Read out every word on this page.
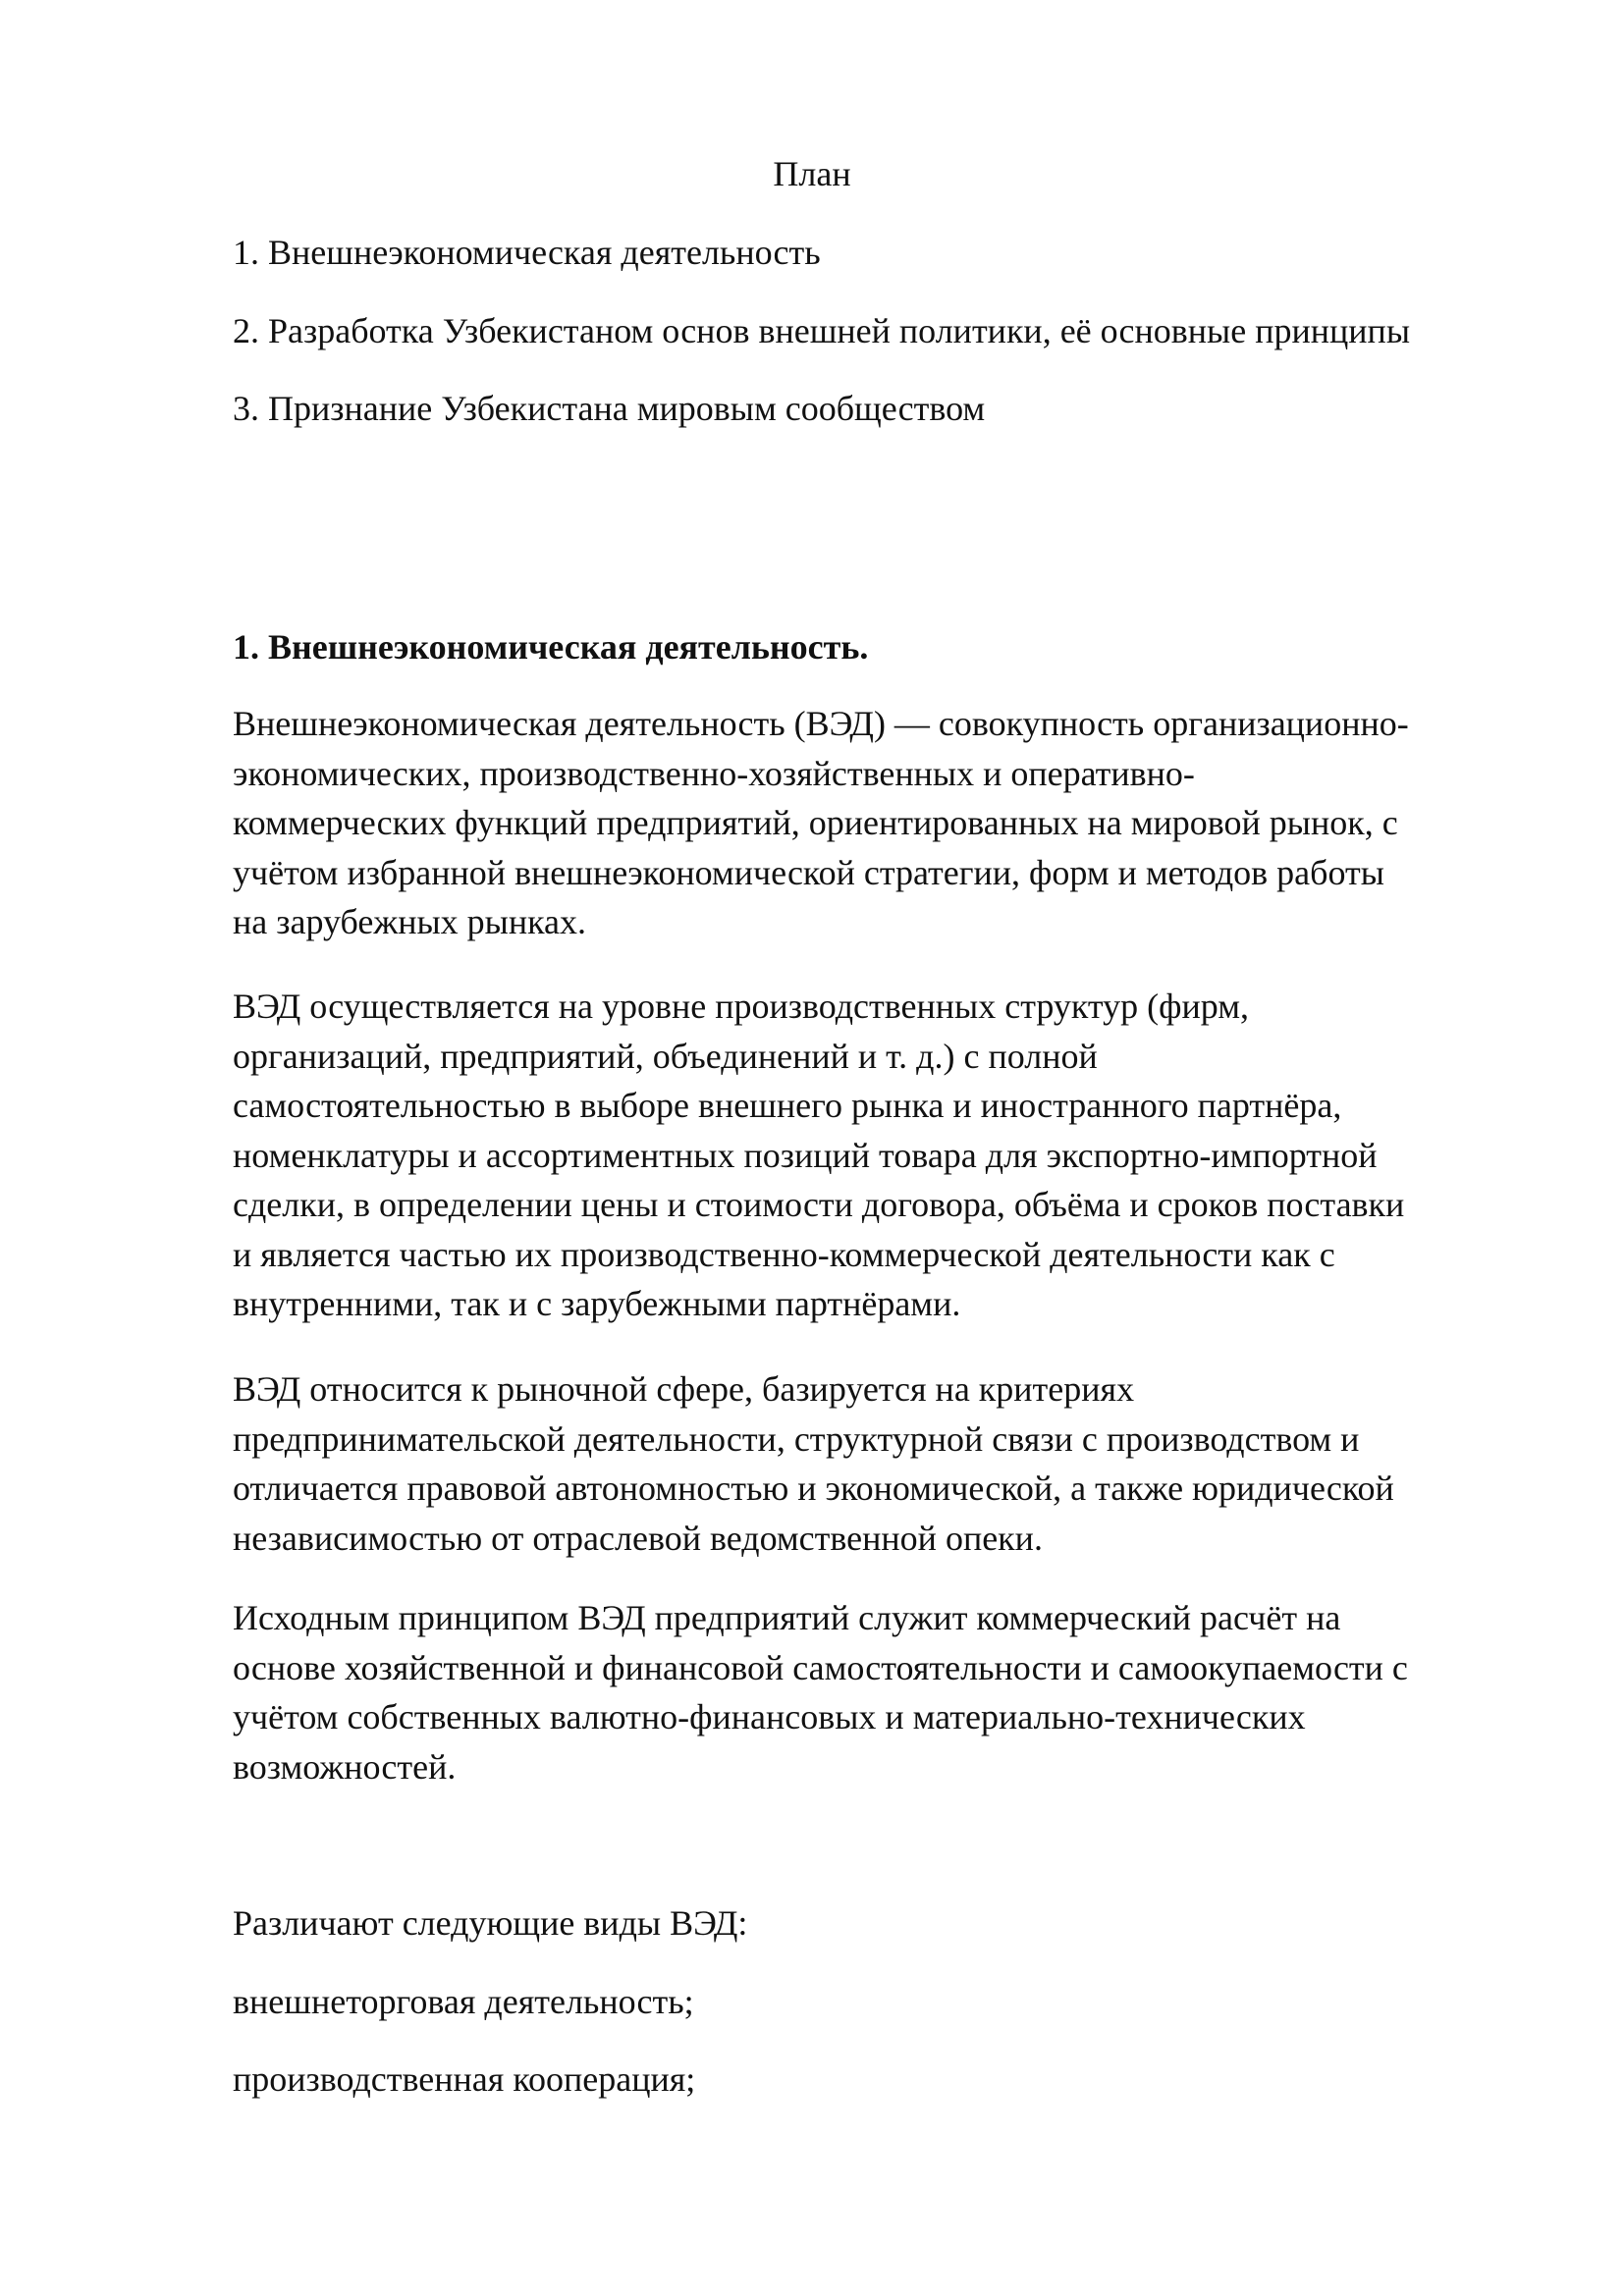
План
1. Внешнеэкономическая деятельность
2. Разработка Узбекистаном основ внешней политики, её основные принципы
3. Признание Узбекистана мировым сообществом
1. Внешнеэкономическая деятельность.
Внешнеэкономическая деятельность (ВЭД) — совокупность организационно-
экономических, производственно-хозяйственных и оперативно-
коммерческих функций предприятий, ориентированных на мировой рынок, с
учётом избранной внешнеэкономической стратегии, форм и методов работы
на зарубежных рынках.
ВЭД осуществляется на уровне производственных структур (фирм,
организаций, предприятий, объединений и т. д.) с полной
самостоятельностью в выборе внешнего рынка и иностранного партнёра,
номенклатуры и ассортиментных позиций товара для экспортно-импортной
сделки, в определении цены и стоимости договора, объёма и сроков поставки
и является частью их производственно-коммерческой деятельности как с
внутренними, так и с зарубежными партнёрами.
ВЭД относится к рыночной сфере, базируется на критериях
предпринимательской деятельности, структурной связи с производством и
отличается правовой автономностью и экономической, а также юридической
независимостью от отраслевой ведомственной опеки.
Исходным принципом ВЭД предприятий служит коммерческий расчёт на
основе хозяйственной и финансовой самостоятельности и самоокупаемости с
учётом собственных валютно-финансовых и материально-технических
возможностей.
Различают следующие виды ВЭД:
внешнеторговая деятельность;
производственная кооперация;
